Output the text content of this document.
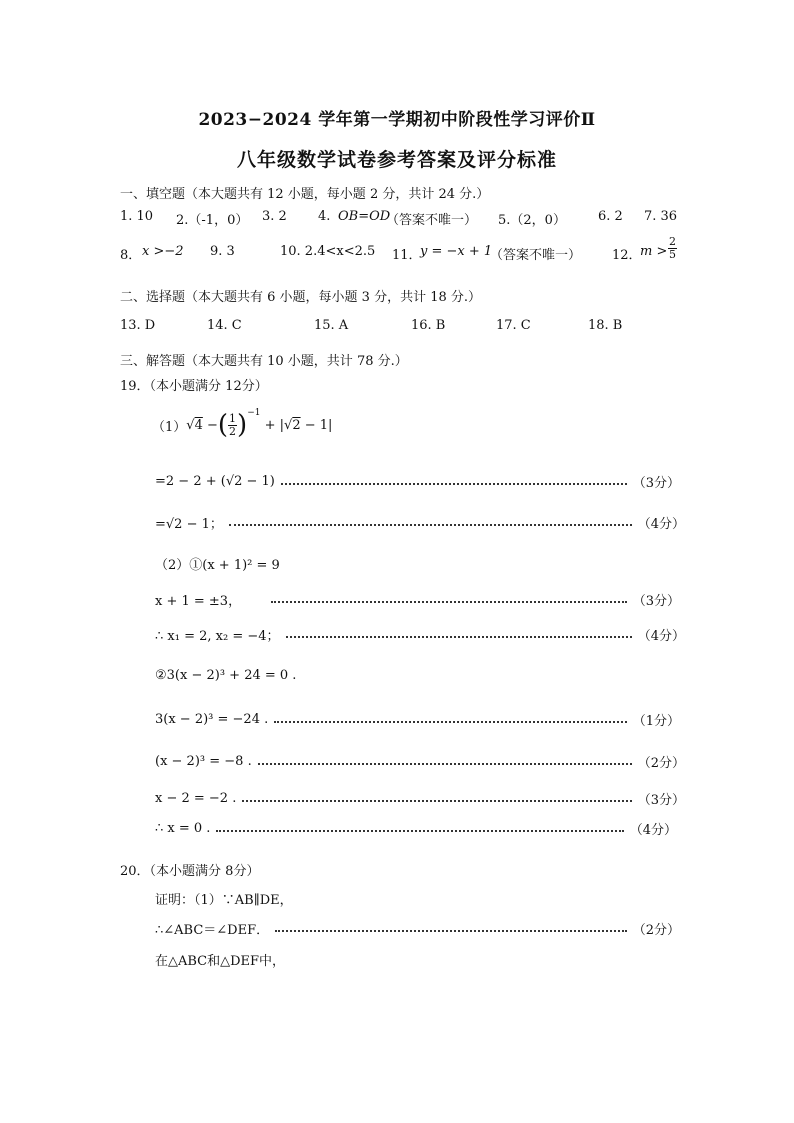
2023−2024 学年第一学期初中阶段性学习评价Ⅱ
八年级数学试卷参考答案及评分标准
一、填空题（本大题共有 12 小题，每小题 2 分，共计 24 分.）
1. 10 2.（-1，0） 3. 2 4. OB=OD
（答案不唯一） 5.（2，0） 6. 2 7. 36
8． x >−2 9. 3	10. 2.4<x<2.5 11．
y = −x + 1
（答案不唯一） 12．
$m > \frac{2}{5}$
二、选择题（本大题共有 6 小题，每小题 3 分，共计 18 分.）
13. D	14. C	15. A	16. B	17. C	18. B
三、解答题（本大题共有 10 小题，共计 78 分.）
19．（本小题满分 12分）
（1） √4 − ( $\frac{1}{2} )^{-1}$
+ |√2 − 1|
=2 − 2 + (√2 − 1)	（3分）
=√2 − 1；	（4分）
（2）①(x + 1)² = 9
x + 1 = ±3，	（3分）
∴ x₁ = 2, x₂ = −4；	（4分）
②3(x − 2)³ + 24 = 0 .
3(x − 2)³ = −24 .	（1分）
(x − 2)³ = −8 .	（2分）
x − 2 = −2 .	（3分）
∴ x = 0 .	（4分）
20．（本小题满分 8分）
证明：（1）∵AB∥DE，
∴∠ABC＝∠DEF．	（2分）
在△ABC和△DEF中，
